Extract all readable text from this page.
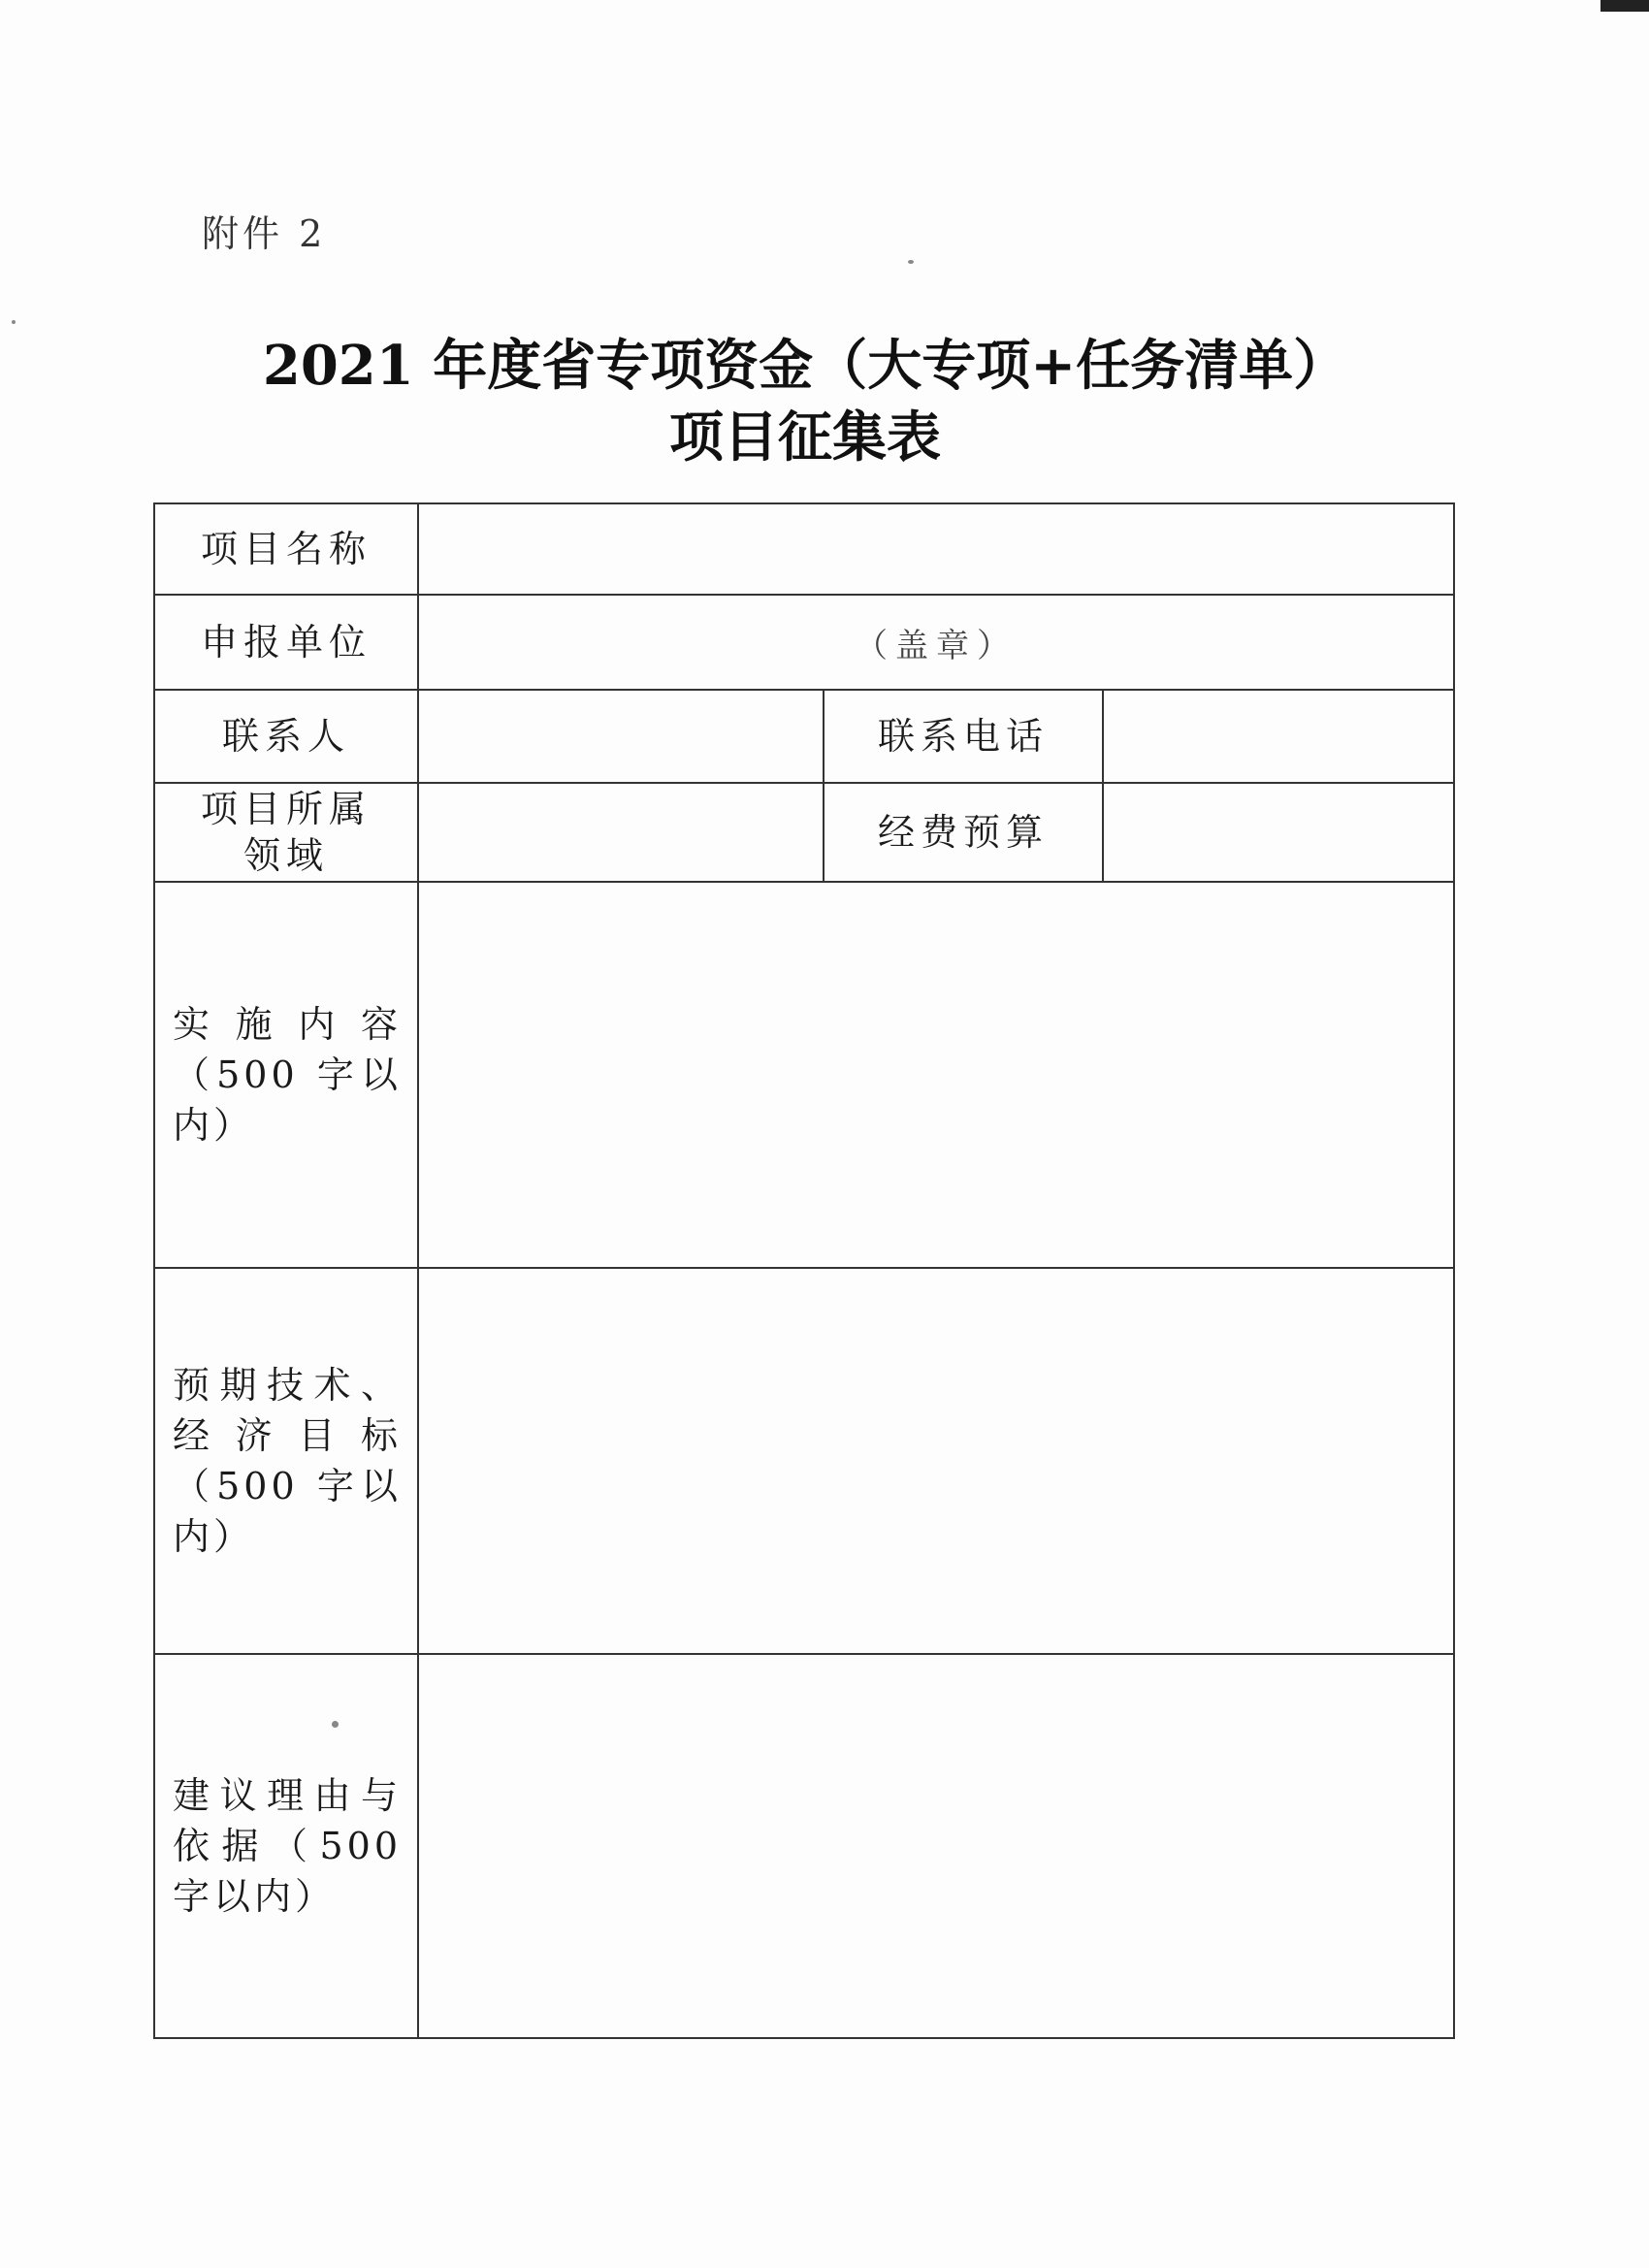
附件 2
2021 年度省专项资金（大专项+任务清单）
项目征集表
项目名称			
申报单位	（盖章）		
联系人		联系电话	
项目所属领域		经费预算	
实施内容（500 字以内）			
预期技术、经济目标（500 字以内）			
建议理由与依据（500 字以内）			
